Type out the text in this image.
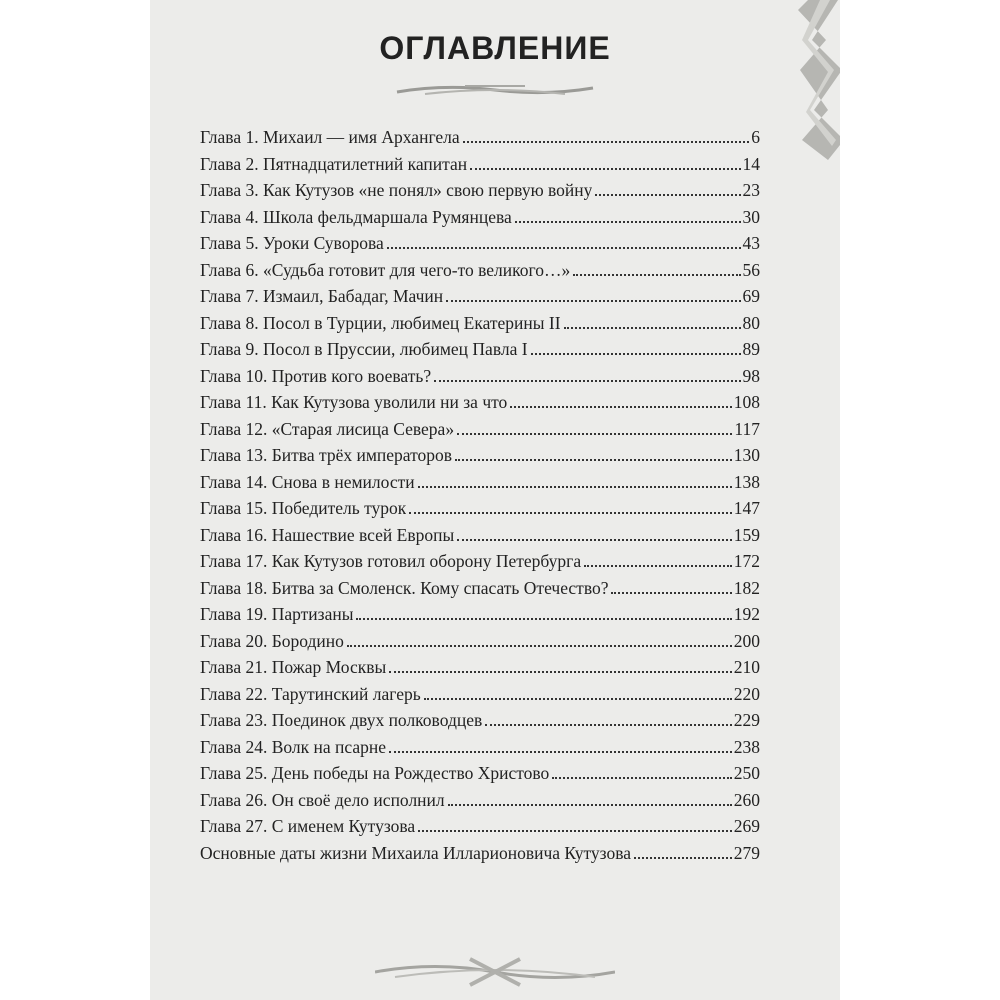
ОГЛАВЛЕНИЕ
Глава 1. Михаил — имя Архангела	6
Глава 2. Пятнадцатилетний капитан	14
Глава 3. Как Кутузов «не понял» свою первую войну	23
Глава 4. Школа фельдмаршала Румянцева	30
Глава 5. Уроки Суворова	43
Глава 6. «Судьба готовит для чего-то великого…»	56
Глава 7. Измаил, Бабадаг, Мачин	69
Глава 8. Посол в Турции, любимец Екатерины II	80
Глава 9. Посол в Пруссии, любимец Павла I	89
Глава 10. Против кого воевать?	98
Глава 11. Как Кутузова уволили ни за что	108
Глава 12. «Старая лисица Севера»	117
Глава 13. Битва трёх императоров	130
Глава 14. Снова в немилости	138
Глава 15. Победитель турок	147
Глава 16. Нашествие всей Европы	159
Глава 17. Как Кутузов готовил оборону Петербурга	172
Глава 18. Битва за Смоленск. Кому спасать Отечество?	182
Глава 19. Партизаны	192
Глава 20. Бородино	200
Глава 21. Пожар Москвы	210
Глава 22. Тарутинский лагерь	220
Глава 23. Поединок двух полководцев	229
Глава 24. Волк на псарне	238
Глава 25. День победы на Рождество Христово	250
Глава 26. Он своё дело исполнил	260
Глава 27. С именем Кутузова	269
Основные даты жизни Михаила Илларионовича Кутузова	279
